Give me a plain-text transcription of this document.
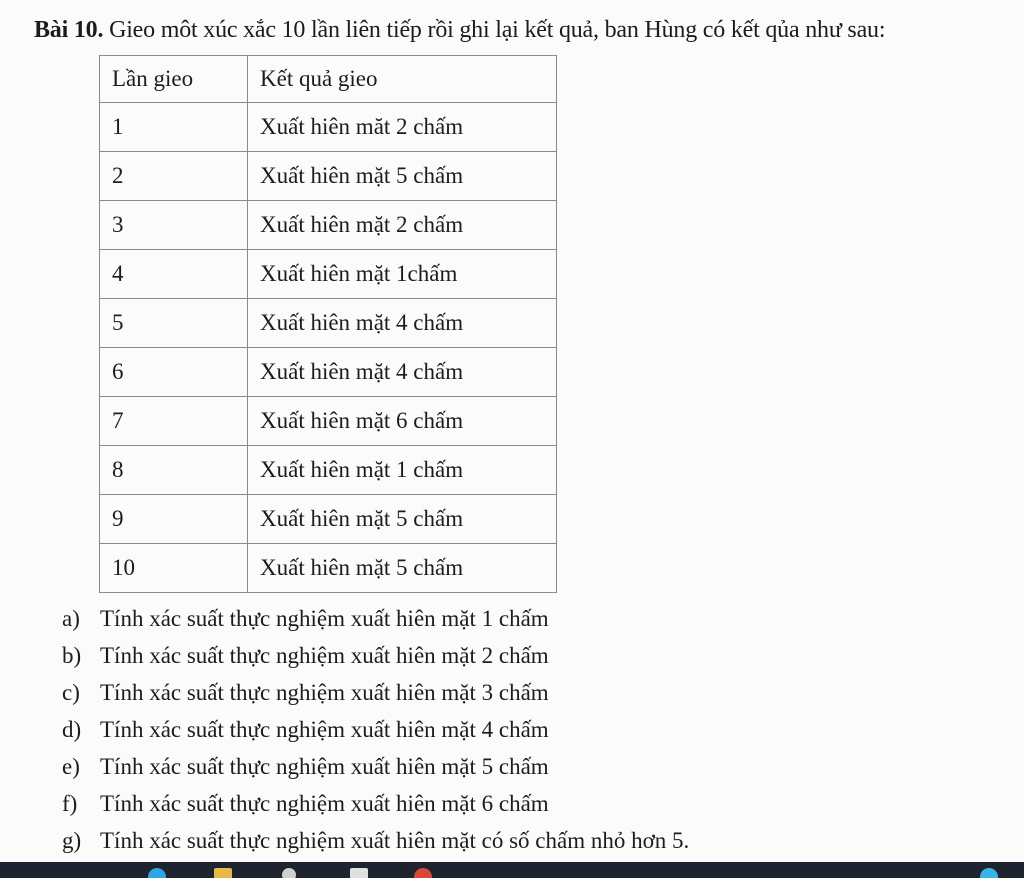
Bài 10. Gieo môt xúc xắc 10 lần liên tiếp rồi ghi lại kết quả, ban Hùng có kết qủa như sau:
Lần gieo	Kết quả gieo
1	Xuất hiên măt 2 chấm
2	Xuất hiên mặt 5 chấm
3	Xuất hiên mặt 2 chấm
4	Xuất hiên mặt 1chấm
5	Xuất hiên mặt 4 chấm
6	Xuất hiên mặt 4 chấm
7	Xuất hiên mặt 6 chấm
8	Xuất hiên mặt 1 chấm
9	Xuất hiên mặt 5 chấm
10	Xuất hiên mặt 5 chấm
a) Tính xác suất thực nghiệm xuất hiên mặt 1 chấm
b) Tính xác suất thực nghiệm xuất hiên mặt 2 chấm
c) Tính xác suất thực nghiệm xuất hiên mặt 3 chấm
d) Tính xác suất thực nghiệm xuất hiên mặt 4 chấm
e) Tính xác suất thực nghiệm xuất hiên mặt 5 chấm
f) Tính xác suất thực nghiệm xuất hiên mặt 6 chấm
g) Tính xác suất thực nghiệm xuất hiên mặt có số chấm nhỏ hơn 5.
